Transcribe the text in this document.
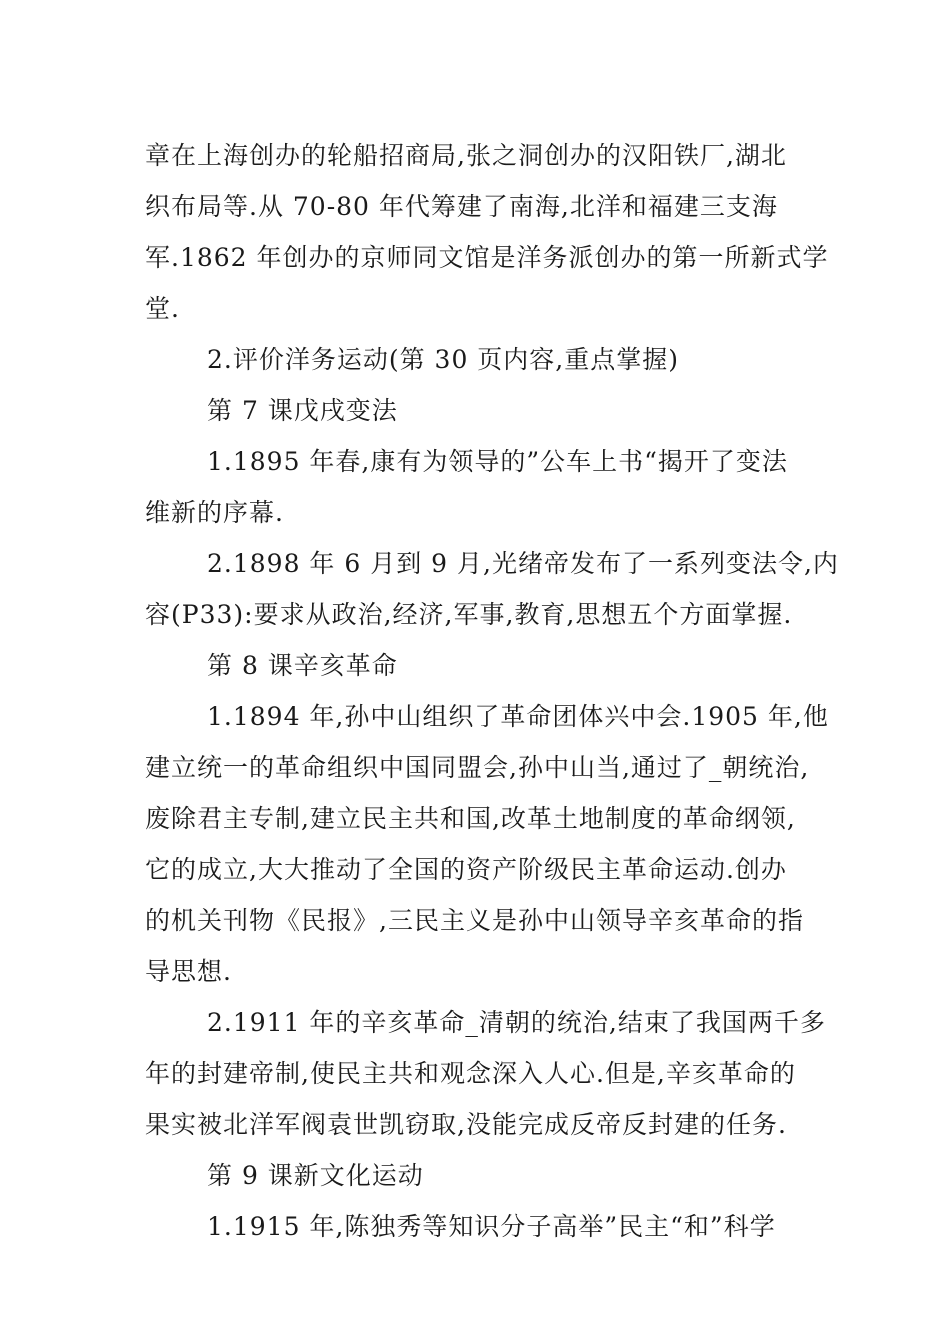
章在上海创办的轮船招商局,张之洞创办的汉阳铁厂,湖北
织布局等.从 70-80 年代筹建了南海,北洋和福建三支海
军.1862 年创办的京师同文馆是洋务派创办的第一所新式学
堂.
2.评价洋务运动(第 30 页内容,重点掌握)
第 7 课戊戌变法
1.1895 年春,康有为领导的”公车上书“揭开了变法
维新的序幕.
2.1898 年 6 月到 9 月,光绪帝发布了一系列变法令,内
容(P33):要求从政治,经济,军事,教育,思想五个方面掌握.
第 8 课辛亥革命
1.1894 年,孙中山组织了革命团体兴中会.1905 年,他
建立统一的革命组织中国同盟会,孙中山当,通过了_朝统治,
废除君主专制,建立民主共和国,改革土地制度的革命纲领,
它的成立,大大推动了全国的资产阶级民主革命运动.创办
的机关刊物《民报》,三民主义是孙中山领导辛亥革命的指
导思想.
2.1911 年的辛亥革命_清朝的统治,结束了我国两千多
年的封建帝制,使民主共和观念深入人心.但是,辛亥革命的
果实被北洋军阀袁世凯窃取,没能完成反帝反封建的任务.
第 9 课新文化运动
1.1915 年,陈独秀等知识分子高举”民主“和”科学
